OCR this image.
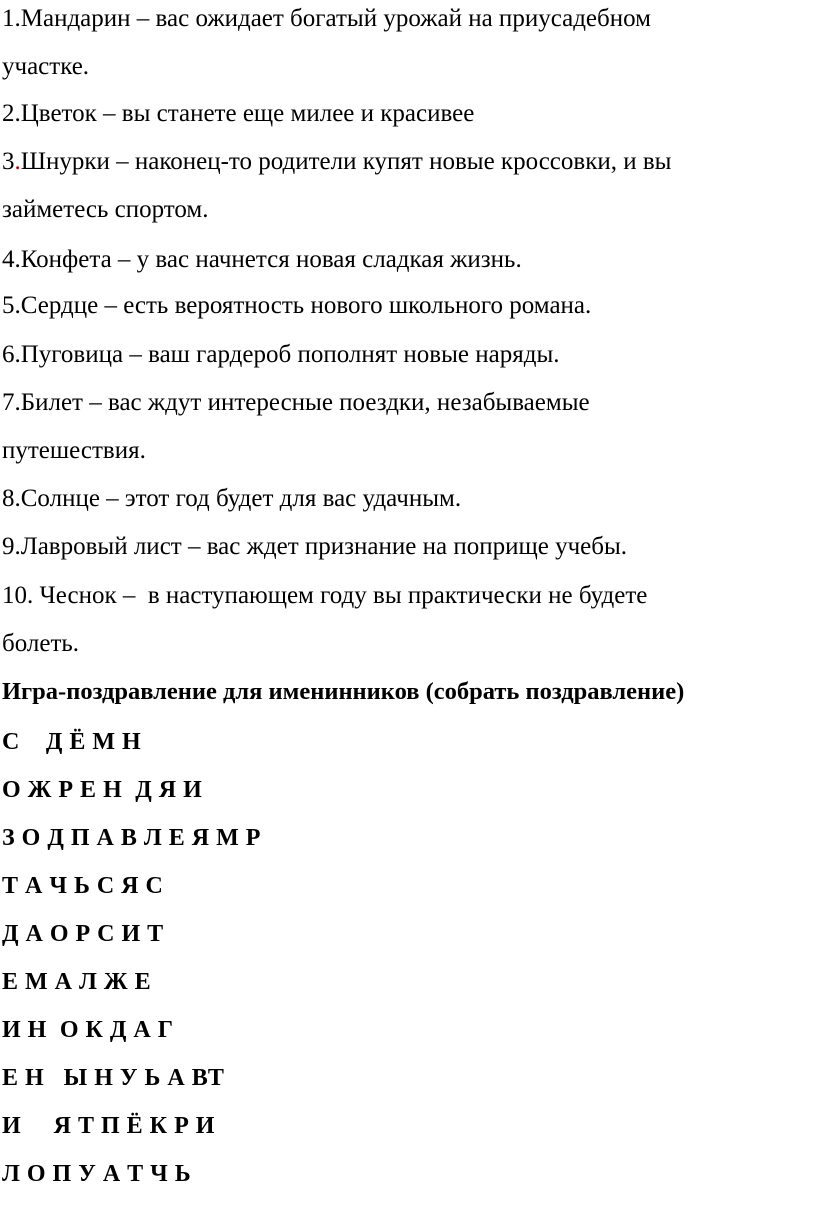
1.Мандарин – вас ожидает богатый урожай на приусадебном
участке.
2.Цветок – вы станете еще милее и красивее
3.Шнурки – наконец-то родители купят новые кроссовки, и вы
займетесь спортом.
4.Конфета – у вас начнется новая сладкая жизнь.
5.Сердце – есть вероятность нового школьного романа.
6.Пуговица – ваш гардероб пополнят новые наряды.
7.Билет – вас ждут интересные поездки, незабываемые
путешествия.
8.Солнце – этот год будет для вас удачным.
9.Лавровый лист – вас ждет признание на поприще учебы.
10. Чеснок –  в наступающем году вы практически не будете
болеть.
Игра-поздравление для именинников (собрать поздравление)
С    Д Ё М Н
О Ж Р Е Н  Д Я И
З О Д П А В Л Е Я М Р
Т А Ч Ь С Я С
Д А О Р С И Т
Е М А Л Ж Е
И Н  О К Д А Г
Е Н   Ы Н У Ь А ВТ
И     Я Т П Ё К Р И
Л О П У А Т Ч Ь
